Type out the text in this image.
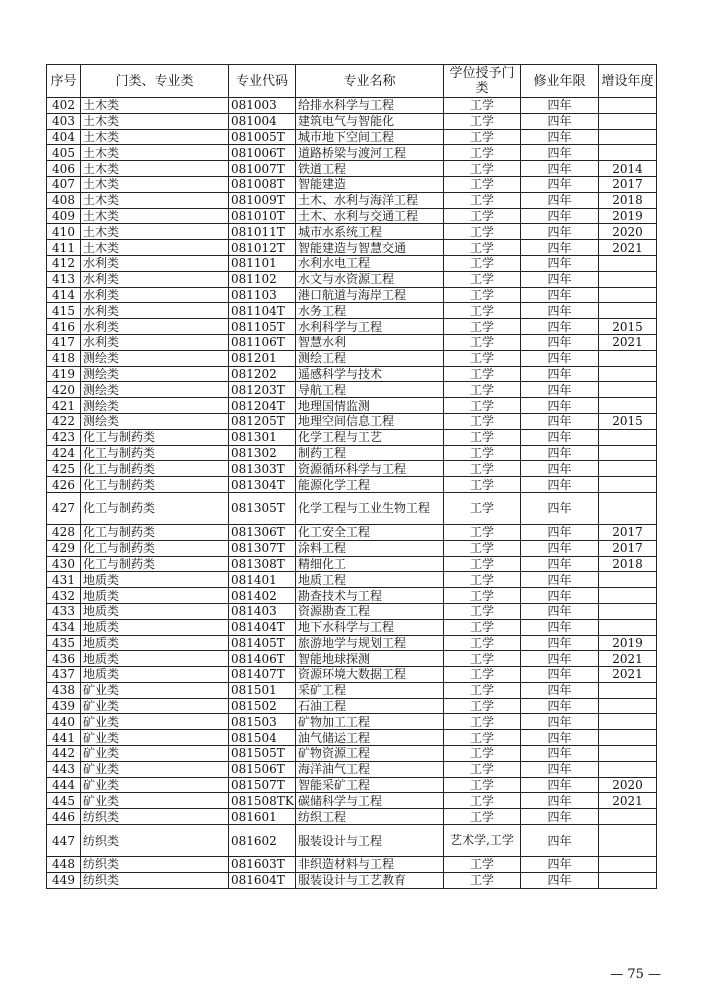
序号	门类、专业类	专业代码	专业名称	学位授予门类	修业年限	增设年度
402	土木类	081003	给排水科学与工程	工学	四年	
403	土木类	081004	建筑电气与智能化	工学	四年	
404	土木类	081005T	城市地下空间工程	工学	四年	
405	土木类	081006T	道路桥梁与渡河工程	工学	四年	
406	土木类	081007T	铁道工程	工学	四年	2014
407	土木类	081008T	智能建造	工学	四年	2017
408	土木类	081009T	土木、水利与海洋工程	工学	四年	2018
409	土木类	081010T	土木、水利与交通工程	工学	四年	2019
410	土木类	081011T	城市水系统工程	工学	四年	2020
411	土木类	081012T	智能建造与智慧交通	工学	四年	2021
412	水利类	081101	水利水电工程	工学	四年	
413	水利类	081102	水文与水资源工程	工学	四年	
414	水利类	081103	港口航道与海岸工程	工学	四年	
415	水利类	081104T	水务工程	工学	四年	
416	水利类	081105T	水利科学与工程	工学	四年	2015
417	水利类	081106T	智慧水利	工学	四年	2021
418	测绘类	081201	测绘工程	工学	四年	
419	测绘类	081202	遥感科学与技术	工学	四年	
420	测绘类	081203T	导航工程	工学	四年	
421	测绘类	081204T	地理国情监测	工学	四年	
422	测绘类	081205T	地理空间信息工程	工学	四年	2015
423	化工与制药类	081301	化学工程与工艺	工学	四年	
424	化工与制药类	081302	制药工程	工学	四年	
425	化工与制药类	081303T	资源循环科学与工程	工学	四年	
426	化工与制药类	081304T	能源化学工程	工学	四年	
427	化工与制药类	081305T	化学工程与工业生物工程	工学	四年	
428	化工与制药类	081306T	化工安全工程	工学	四年	2017
429	化工与制药类	081307T	涂料工程	工学	四年	2017
430	化工与制药类	081308T	精细化工	工学	四年	2018
431	地质类	081401	地质工程	工学	四年	
432	地质类	081402	勘查技术与工程	工学	四年	
433	地质类	081403	资源勘查工程	工学	四年	
434	地质类	081404T	地下水科学与工程	工学	四年	
435	地质类	081405T	旅游地学与规划工程	工学	四年	2019
436	地质类	081406T	智能地球探测	工学	四年	2021
437	地质类	081407T	资源环境大数据工程	工学	四年	2021
438	矿业类	081501	采矿工程	工学	四年	
439	矿业类	081502	石油工程	工学	四年	
440	矿业类	081503	矿物加工工程	工学	四年	
441	矿业类	081504	油气储运工程	工学	四年	
442	矿业类	081505T	矿物资源工程	工学	四年	
443	矿业类	081506T	海洋油气工程	工学	四年	
444	矿业类	081507T	智能采矿工程	工学	四年	2020
445	矿业类	081508TK	碳储科学与工程	工学	四年	2021
446	纺织类	081601	纺织工程	工学	四年	
447	纺织类	081602	服装设计与工程	艺术学,工学	四年	
448	纺织类	081603T	非织造材料与工程	工学	四年	
449	纺织类	081604T	服装设计与工艺教育	工学	四年	
— 75 —
